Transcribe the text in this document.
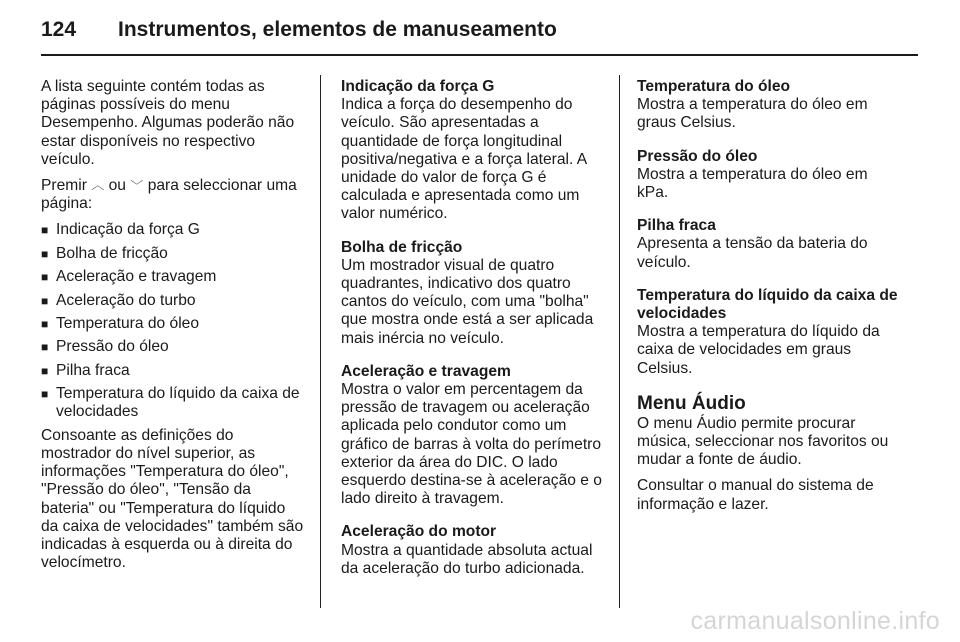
124 Instrumentos, elementos de manuseamento

A lista seguinte contém todas as páginas possíveis do menu Desempenho. Algumas poderão não estar disponíveis no respectivo veículo.

Premir ︿ ou ﹀ para seleccionar uma página:

■ Indicação da força G
■ Bolha de fricção
■ Aceleração e travagem
■ Aceleração do turbo
■ Temperatura do óleo
■ Pressão do óleo
■ Pilha fraca
■ Temperatura do líquido da caixa de velocidades

Consoante as definições do mostrador do nível superior, as informações "Temperatura do óleo", "Pressão do óleo", "Tensão da bateria" ou "Temperatura do líquido da caixa de velocidades" também são indicadas à esquerda ou à direita do velocímetro.

Indicação da força G
Indica a força do desempenho do veículo. São apresentadas a quantidade de força longitudinal positiva/negativa e a força lateral. A unidade do valor de força G é calculada e apresentada como um valor numérico.
Bolha de fricção
Um mostrador visual de quatro quadrantes, indicativo dos quatro cantos do veículo, com uma "bolha" que mostra onde está a ser aplicada mais inércia no veículo.
Aceleração e travagem
Mostra o valor em percentagem da pressão de travagem ou aceleração aplicada pelo condutor como um gráfico de barras à volta do perímetro exterior da área do DIC. O lado esquerdo destina-se à aceleração e o lado direito à travagem.
Aceleração do motor
Mostra a quantidade absoluta actual da aceleração do turbo adicionada.
Temperatura do óleo
Mostra a temperatura do óleo em graus Celsius.
Pressão do óleo
Mostra a temperatura do óleo em kPa.
Pilha fraca
Apresenta a tensão da bateria do veículo.
Temperatura do líquido da caixa de velocidades
Mostra a temperatura do líquido da caixa de velocidades em graus Celsius.
Menu Áudio

O menu Áudio permite procurar música, seleccionar nos favoritos ou mudar a fonte de áudio.

Consultar o manual do sistema de informação e lazer.

carmanualsonline.info
